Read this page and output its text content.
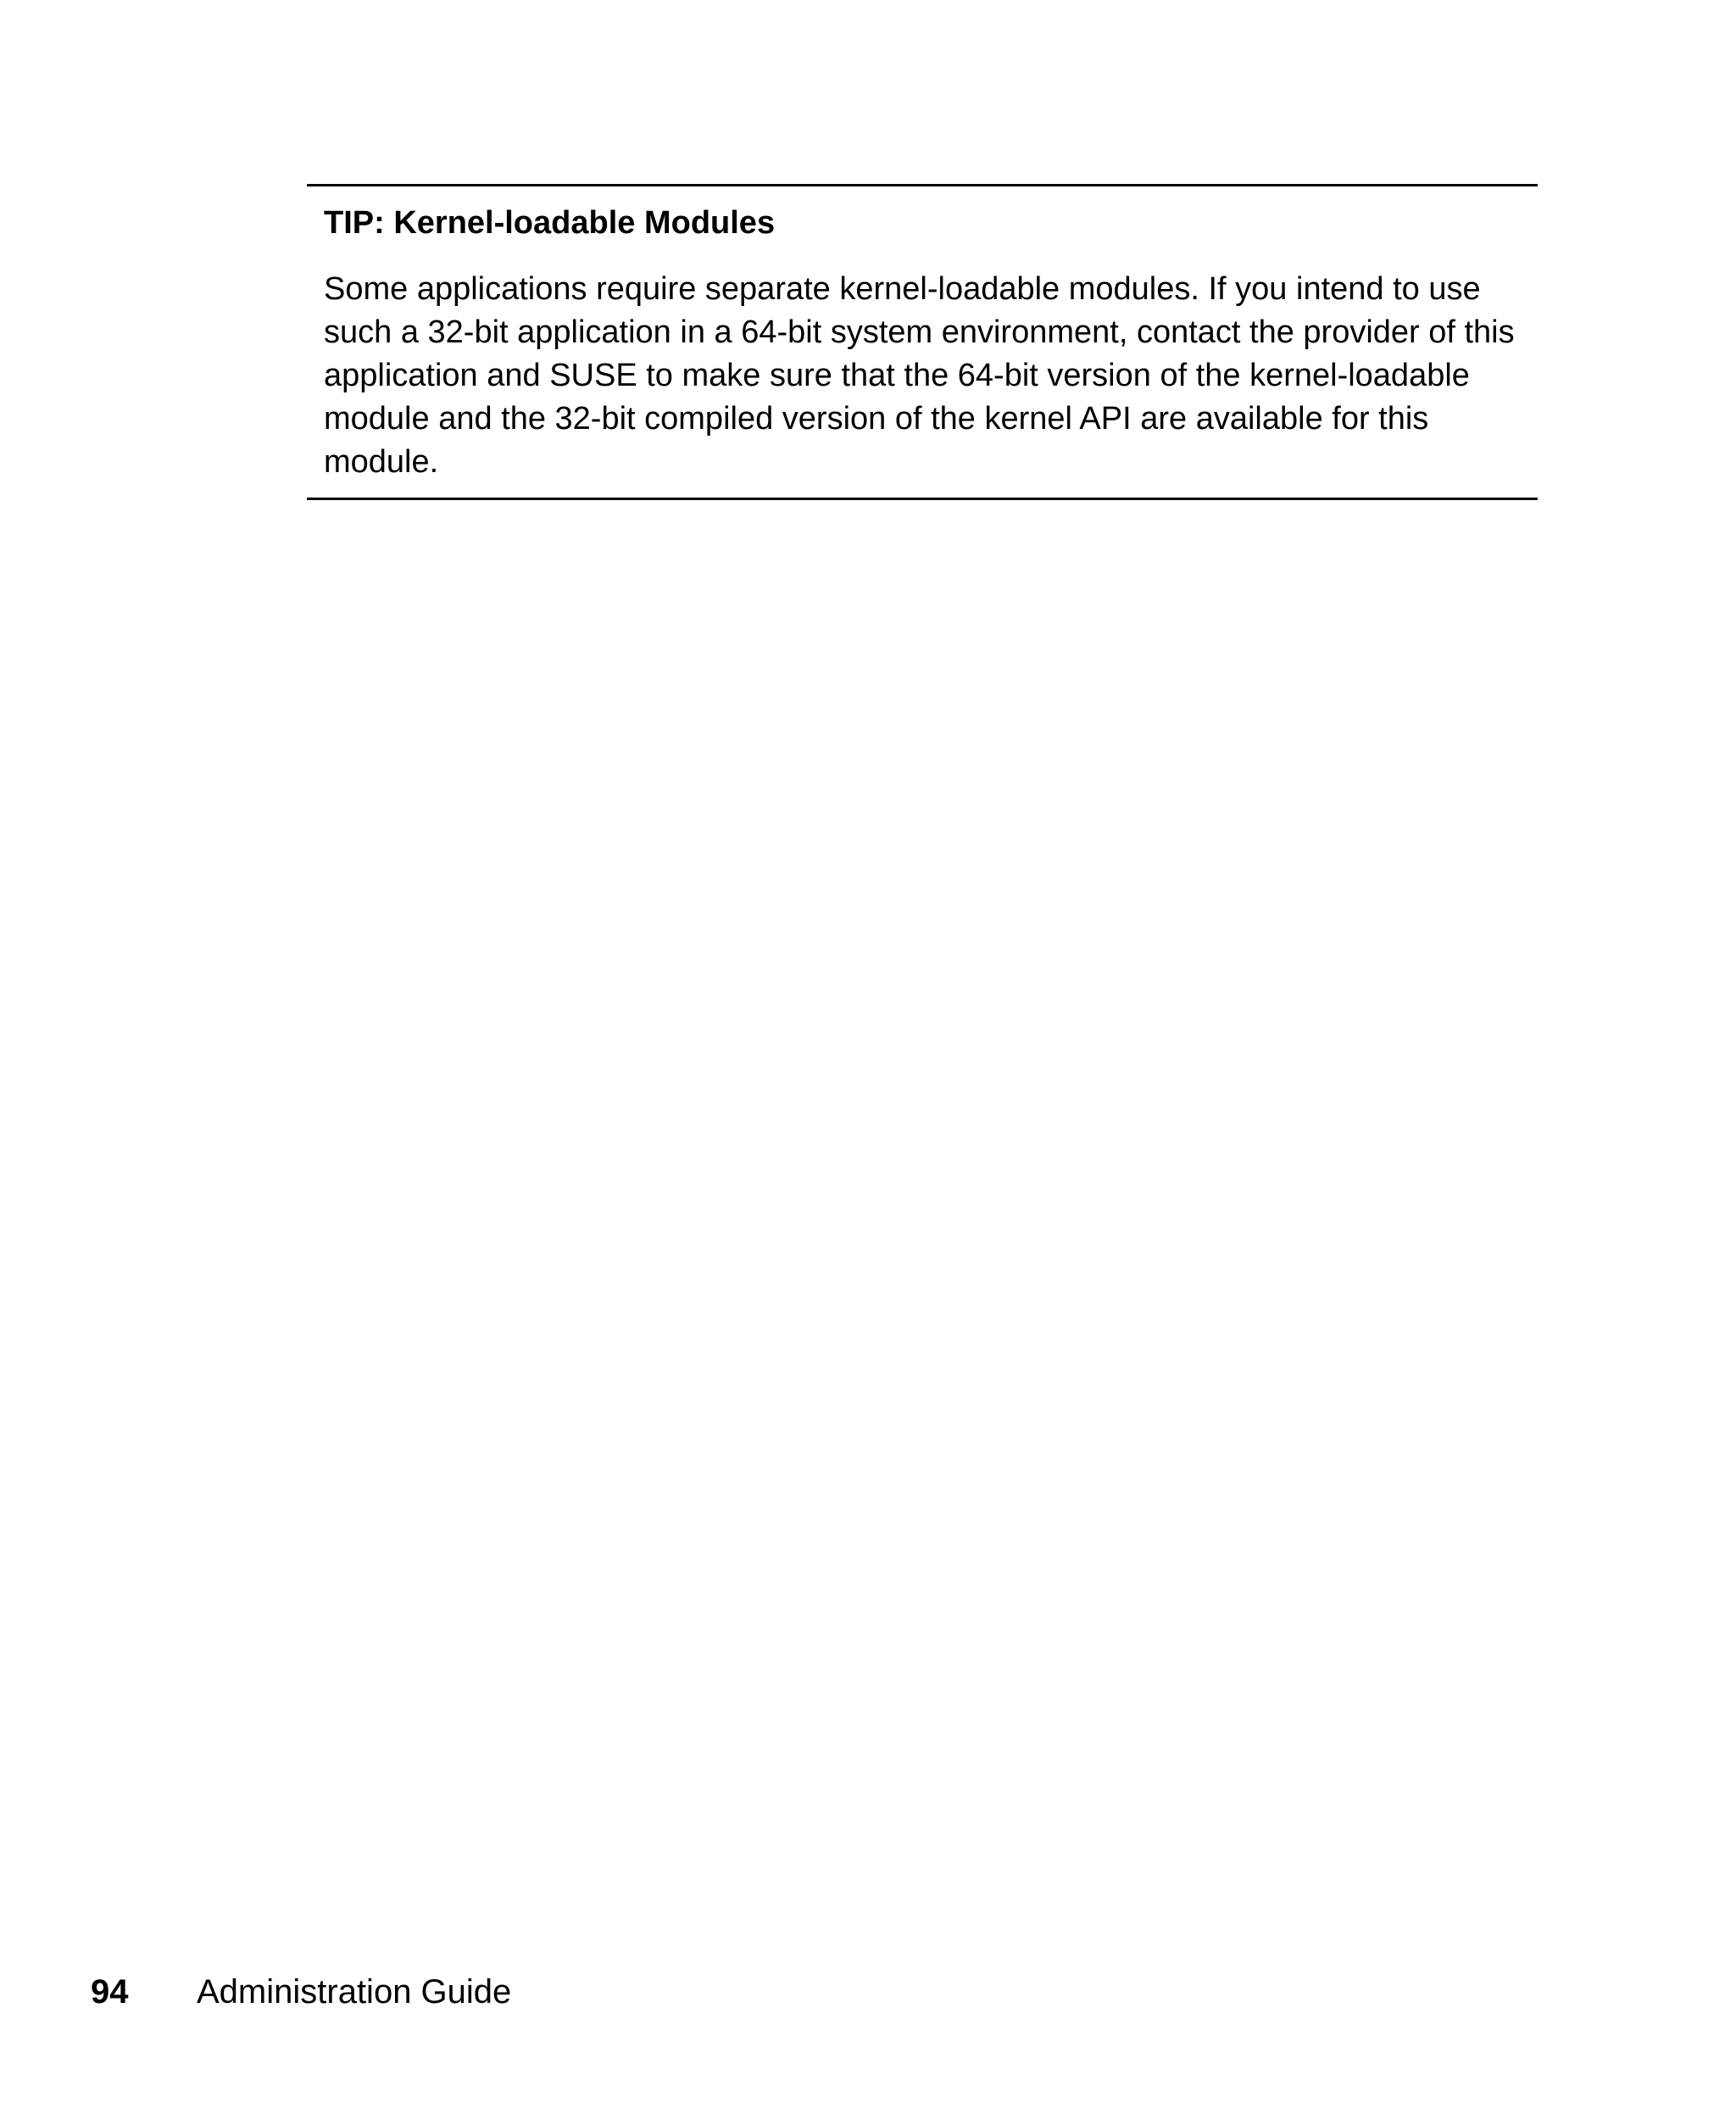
TIP: Kernel-loadable Modules

Some applications require separate kernel-loadable modules. If you intend to use such a 32-bit application in a 64-bit system environment, contact the provider of this application and SUSE to make sure that the 64-bit version of the kernel-loadable module and the 32-bit compiled version of the kernel API are available for this module.

94 Administration Guide
